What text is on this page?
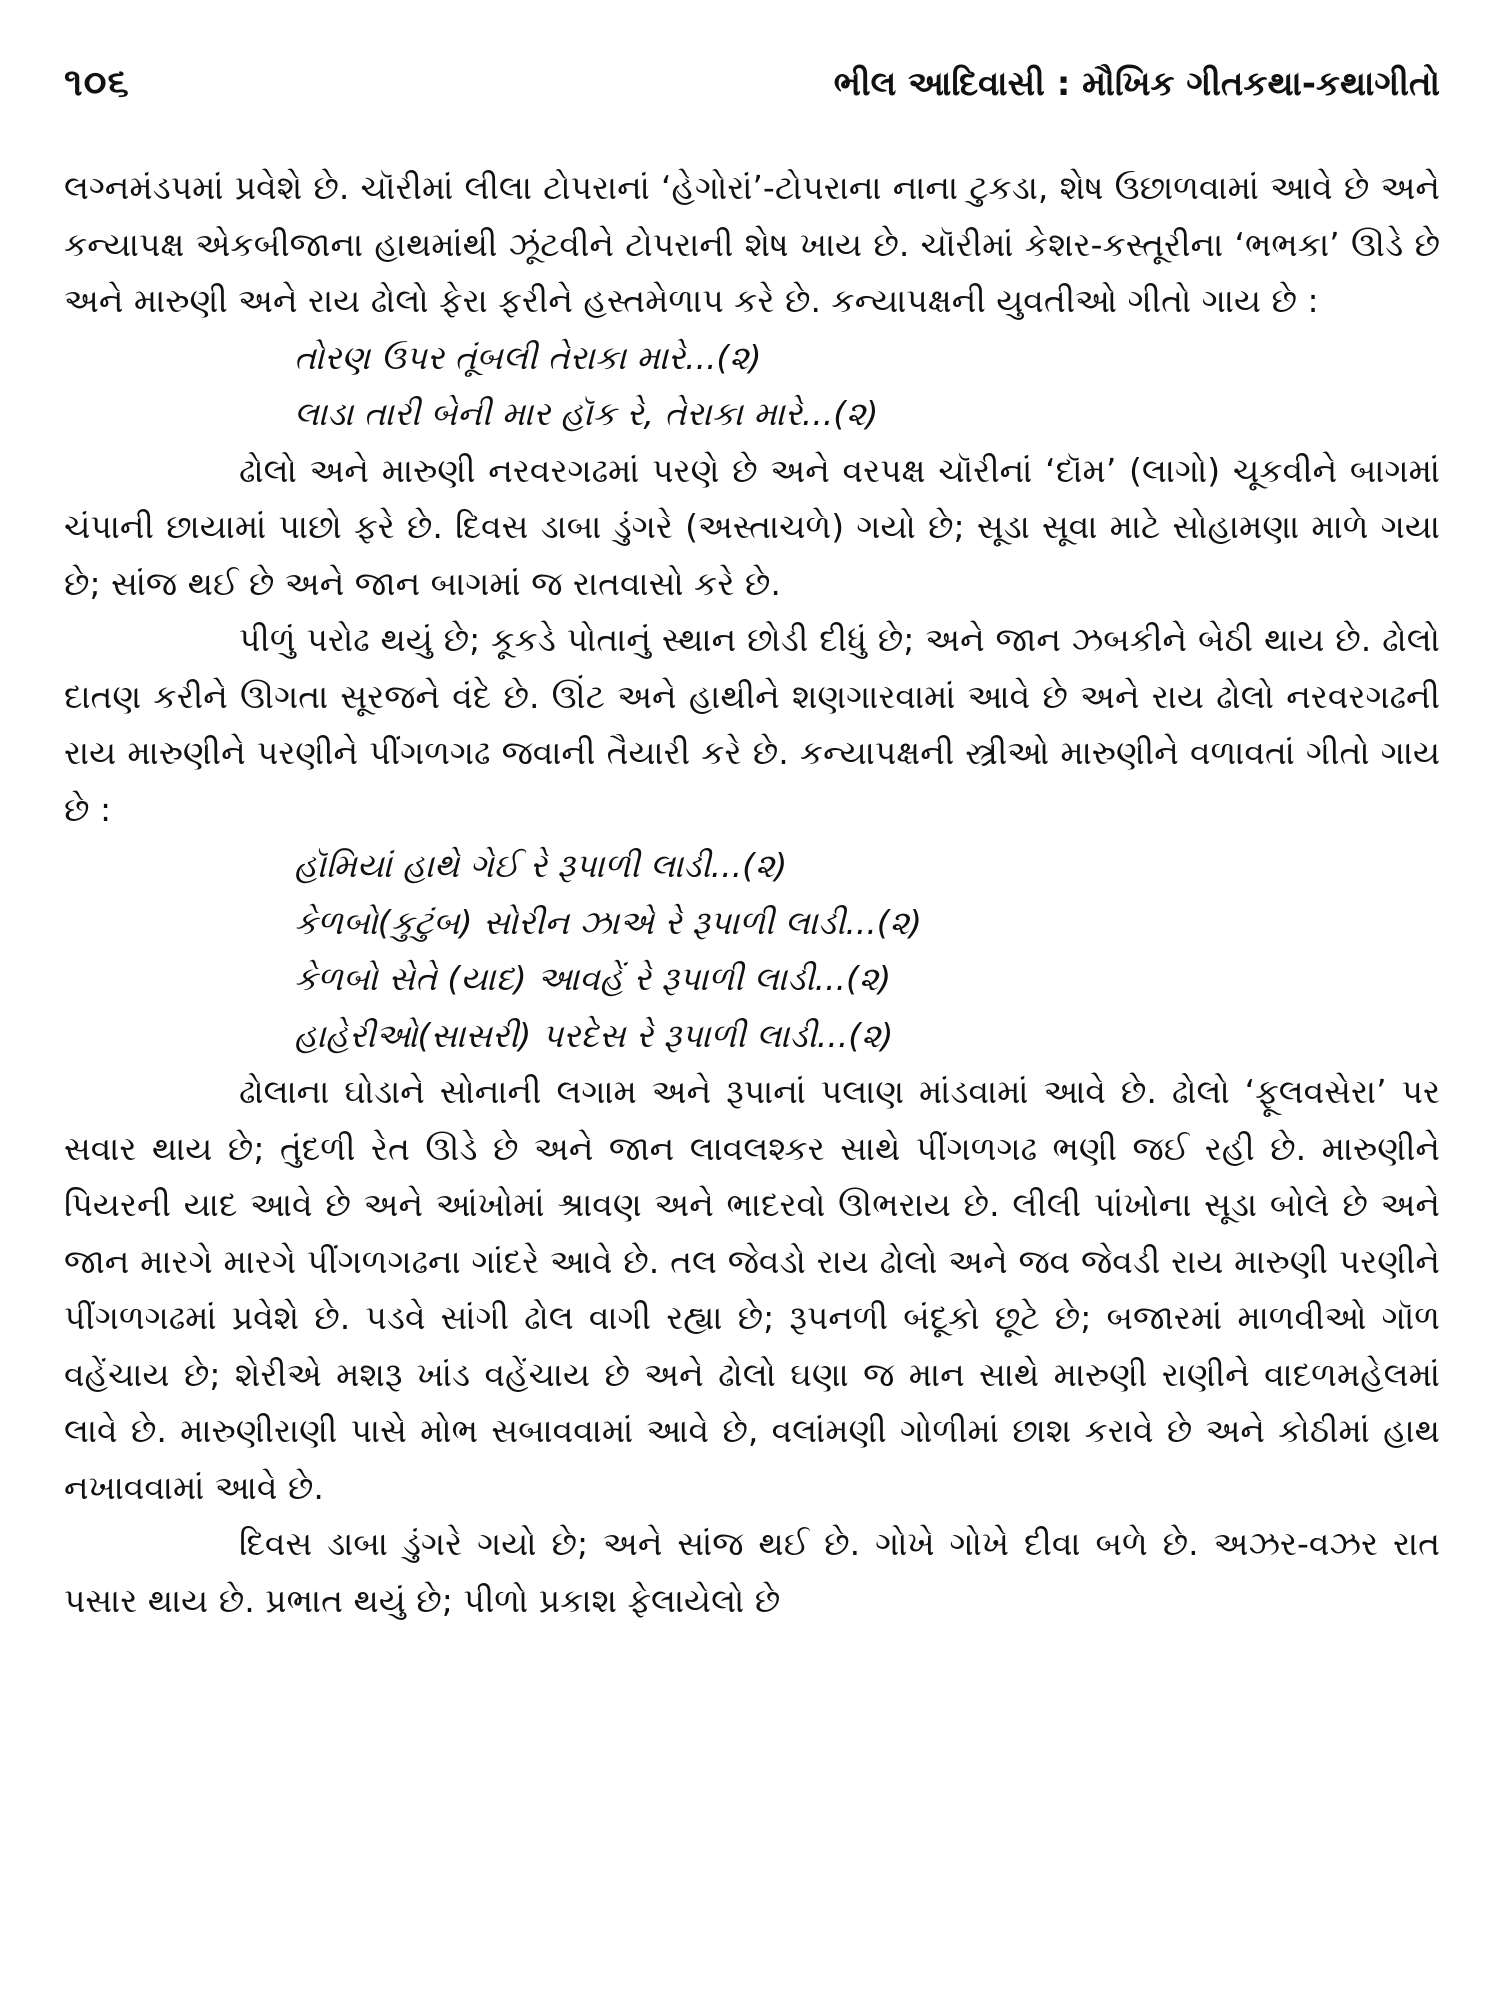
૧૦૬	ભીલ આદિવાસી : મૌખિક ગીતકથા-કથાગીતો

લગ્નમંડપમાં પ્રવેશે છે. ચૉરીમાં લીલા ટોપરાનાં ‘હેગોરાં’-ટોપરાના નાના ટુકડા, શેષ ઉછાળવામાં આવે છે અને કન્યાપક્ષ એકબીજાના હાથમાંથી ઝૂંટવીને ટોપરાની શેષ ખાય છે. ચૉરીમાં કેશર-કસ્તૂરીના ‘ભભકા’ ઊડે છે અને મારુણી અને રાય ઢોલો ફેરા ફરીને હસ્તમેળાપ કરે છે. કન્યાપક્ષની યુવતીઓ ગીતો ગાય છે :

તોરણ ઉપર તૂંબલી તેરાકા મારે...(૨)
લાડા તારી બેની માર હૉક રે, તેરાકા મારે...(૨)

ઢોલો અને મારુણી નરવરગઢમાં પરણે છે અને વરપક્ષ ચૉરીનાં ‘દૉમ’ (લાગો) ચૂકવીને બાગમાં ચંપાની છાયામાં પાછો ફરે છે. દિવસ ડાબા ડુંગરે (અસ્તાચળે) ગયો છે; સૂડા સૂવા માટે સોહામણા માળે ગયા છે; સાંજ થઈ છે અને જાન બાગમાં જ રાતવાસો કરે છે.

પીળું પરોઢ થયું છે; કૂકડે પોતાનું સ્થાન છોડી દીધું છે; અને જાન ઝબકીને બેઠી થાય છે. ઢોલો દાતણ કરીને ઊગતા સૂરજને વંદે છે. ઊંટ અને હાથીને શણગારવામાં આવે છે અને રાય ઢોલો નરવરગઢની રાય મારુણીને પરણીને પીંગળગઢ જવાની તૈયારી કરે છે. કન્યાપક્ષની સ્ત્રીઓ મારુણીને વળાવતાં ગીતો ગાય છે :

હૉમિયાં હાથે ગેઈ રે રૂપાળી લાડી...(૨)
કેળબો(કુટુંબ) સોરીન ઝાએ રે રૂપાળી લાડી...(૨)
કેળબો સેતે (યાદ) આવહેં રે રૂપાળી લાડી...(૨)
હાહેરીઓ(સાસરી) પરદેસ રે રૂપાળી લાડી...(૨)

ઢોલાના ઘોડાને સોનાની લગામ અને રૂપાનાં પલાણ માંડવામાં આવે છે. ઢોલો ‘ફૂલવસેરા’ પર સવાર થાય છે; તુંદળી રેત ઊડે છે અને જાન લાવલશ્કર સાથે પીંગળગઢ ભણી જઈ રહી છે. મારુણીને પિયરની યાદ આવે છે અને આંખોમાં શ્રાવણ અને ભાદરવો ઊભરાય છે. લીલી પાંખોના સૂડા બોલે છે અને જાન મારગે મારગે પીંગળગઢના ગાંદરે આવે છે. તલ જેવડો રાય ઢોલો અને જવ જેવડી રાય મારુણી પરણીને પીંગળગઢમાં પ્રવેશે છે. પડવે સાંગી ઢોલ વાગી રહ્યા છે; રૂપનળી બંદૂકો છૂટે છે; બજારમાં માળવીઓ ગૉળ વહેંચાય છે; શેરીએ મશરૂ ખાંડ વહેંચાય છે અને ઢોલો ઘણા જ માન સાથે મારુણી રાણીને વાદળમહેલમાં લાવે છે. મારુણીરાણી પાસે મોભ સબાવવામાં આવે છે, વલાંમણી ગોળીમાં છાશ કરાવે છે અને કોઠીમાં હાથ નખાવવામાં આવે છે.

દિવસ ડાબા ડુંગરે ગયો છે; અને સાંજ થઈ છે. ગોખે ગોખે દીવા બળે છે. અઝર-વઝર રાત પસાર થાય છે. પ્રભાત થયું છે; પીળો પ્રકાશ ફેલાયેલો છે
